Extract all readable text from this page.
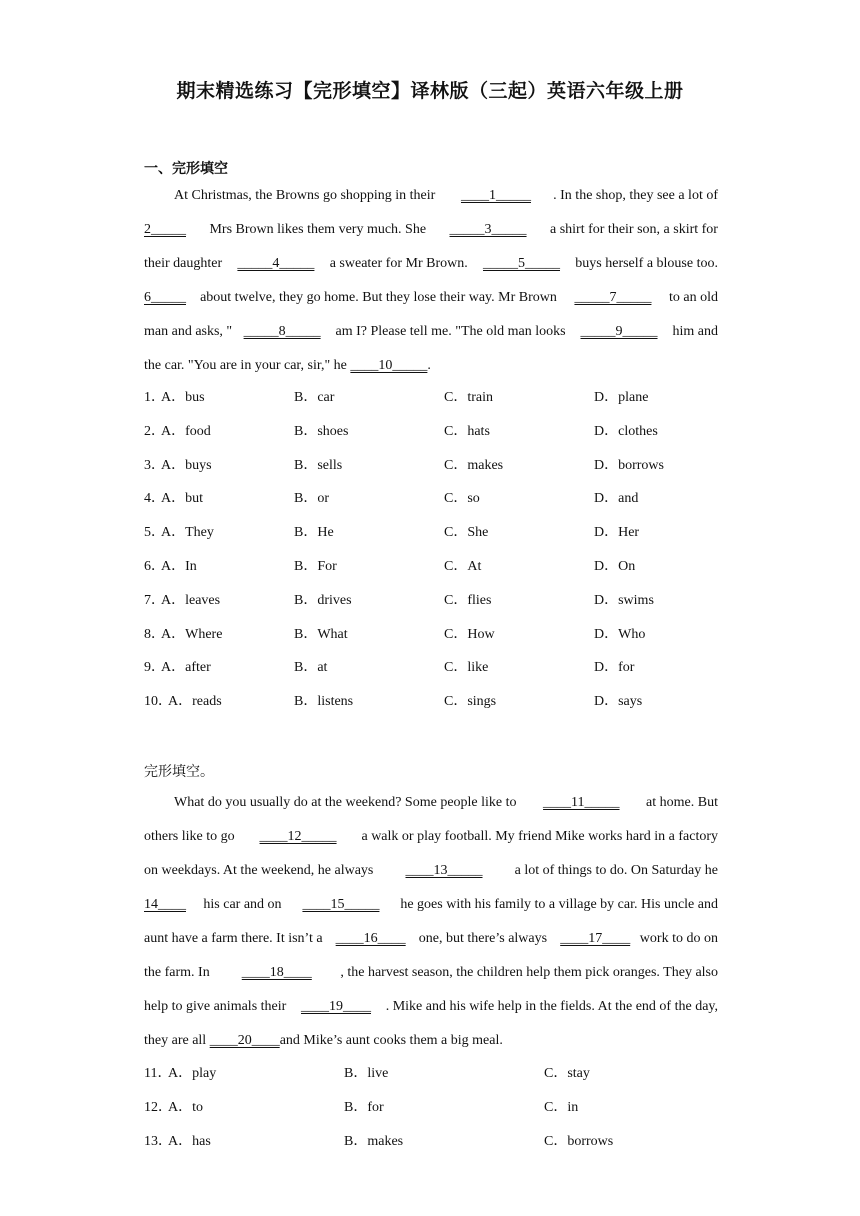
期末精选练习【完形填空】译林版（三起）英语六年级上册
一、完形填空
At Christmas, the Browns go shopping in their ____1_____ . In the shop, they see a lot of
2_____ Mrs Brown likes them very much. She _____3_____ a shirt for their son, a skirt for
their daughter _____4_____ a sweater for Mr Brown. _____5_____ buys herself a blouse too.
6_____ about twelve, they go home. But they lose their way. Mr Brown _____7_____ to an old
man and asks, " _____8_____ am I? Please tell me. "The old man looks _____9_____ him and
the car. "You are in your car, sir," he ____10_____ .
1．
A．bus	B．car	C．train	D．plane
2．
A．food	B．shoes	C．hats	D．clothes
3．
A．buys	B．sells	C．makes	D．borrows
4．
A．but	B．or	C．so	D．and
5．
A．They	B．He	C．She	D．Her
6．
A．In	B．For	C．At	D．On
7．
A．leaves	B．drives	C．flies	D．swims
8．
A．Where	B．What	C．How	D．Who
9．
A．after	B．at	C．like	D．for
10．
A．reads	B．listens	C．sings	D．says
完形填空。
What do you usually do at the weekend? Some people like to ____11_____ at home. But
others like to go ____12_____ a walk or play football. My friend Mike works hard in a factory
on weekdays. At the weekend, he always ____13_____ a lot of things to do. On Saturday he
14____ his car and on ____15_____ he goes with his family to a village by car. His uncle and
aunt have a farm there. It isn’t a ____16____ one, but there’s always ____17____ work to do on
the farm. In ____18____ , the harvest season, the children help them pick oranges. They also
help to give animals their ____19____ . Mike and his wife help in the fields. At the end of the day,
they are all ____20____ and Mike’s aunt cooks them a big meal.
11．
A．play	B．live	C．stay
12．
A．to	B．for	C．in
13．
A．has	B．makes	C．borrows
